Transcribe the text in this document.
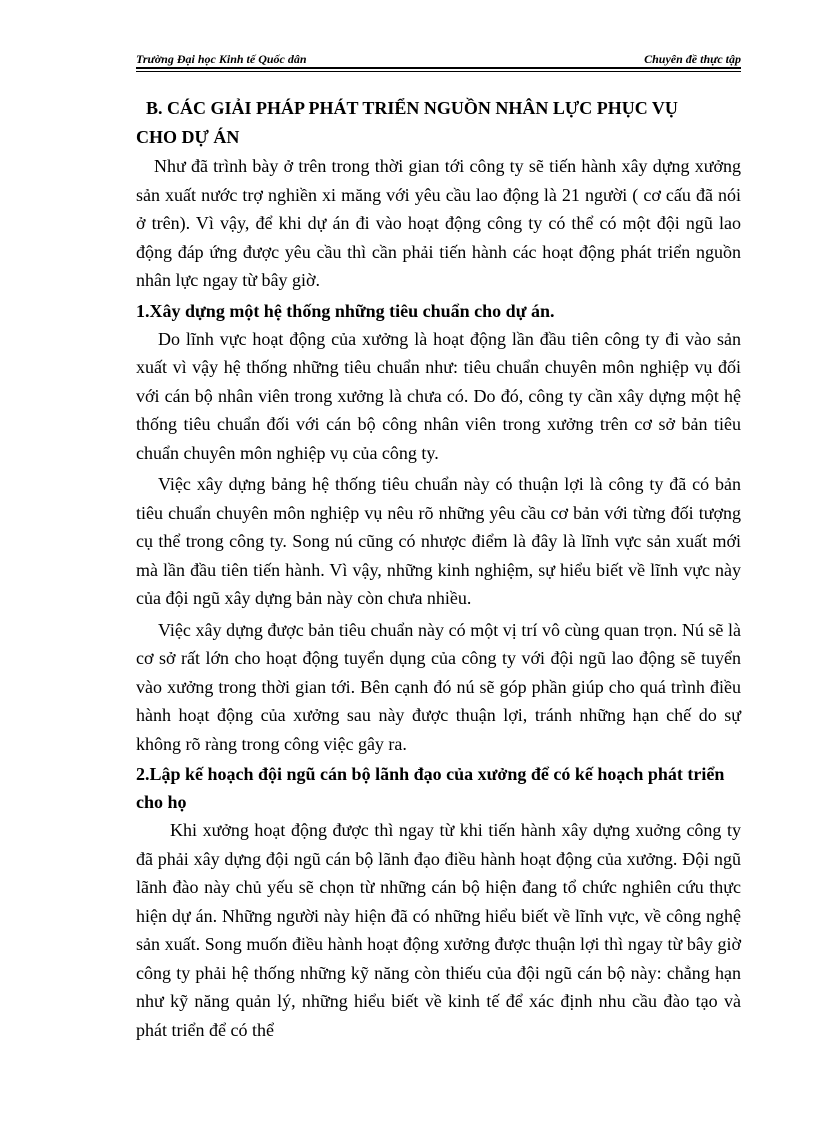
Trường Đại học Kinh tế Quốc dân	Chuyên đề thực tập
B. CÁC GIẢI PHÁP PHÁT TRIỂN NGUỒN NHÂN LỰC PHỤC VỤ
CHO DỰ ÁN

Như đã trình bày ở trên trong thời gian tới công ty sẽ tiến hành xây dựng xưởng sản xuất nước trợ nghiền xi măng với yêu cầu lao động là 21 người ( cơ cấu đã nói ở trên). Vì vậy, để khi dự án đi vào hoạt động công ty có thể có một đội ngũ lao động đáp ứng được yêu cầu thì cần phải tiến hành các hoạt động phát triển nguồn nhân lực ngay từ bây giờ.

1.Xây dựng một hệ thống những tiêu chuẩn cho dự án.

Do lĩnh vực hoạt động của xưởng là hoạt động lần đầu tiên công ty đi vào sản xuất vì vậy hệ thống những tiêu chuẩn như: tiêu chuẩn chuyên môn nghiệp vụ đối với cán bộ nhân viên trong xưởng là chưa có. Do đó, công ty cần xây dựng một hệ thống tiêu chuẩn đối với cán bộ công nhân viên trong xưởng trên cơ sở bản tiêu chuẩn chuyên môn nghiệp vụ của công ty.

Việc xây dựng bảng hệ thống tiêu chuẩn này có thuận lợi là công ty đã có bản tiêu chuẩn chuyên môn nghiệp vụ nêu rõ những yêu cầu cơ bản với từng đối tượng cụ thể trong công ty. Song nú cũng có nhược điểm là đây là lĩnh vực sản xuất mới mà lần đầu tiên tiến hành. Vì vậy, những kinh nghiệm, sự hiểu biết về lĩnh vực này của đội ngũ xây dựng bản này còn chưa nhiều.

Việc xây dựng được bản tiêu chuẩn này có một vị trí vô cùng quan trọn. Nú sẽ là cơ sở rất lớn cho hoạt động tuyển dụng của công ty với đội ngũ lao động sẽ tuyển vào xưởng trong thời gian tới. Bên cạnh đó nú sẽ góp phần giúp cho quá trình điều hành hoạt động của xưởng sau này được thuận lợi, tránh những hạn chế do sự không rõ ràng trong công việc gây ra.

2.Lập kế hoạch đội ngũ cán bộ lãnh đạo của xưởng để có kế hoạch phát triển cho họ

Khi xưởng hoạt động được thì ngay từ khi tiến hành xây dựng xuởng công ty đã phải xây dựng đội ngũ cán bộ lãnh đạo điều hành hoạt động của xưởng. Đội ngũ lãnh đào này chủ yếu sẽ chọn từ những cán bộ hiện đang tổ chức nghiên cứu thực hiện dự án. Những người này hiện đã có những hiểu biết về lĩnh vực, về công nghệ sản xuất. Song muốn điều hành hoạt động xưởng được thuận lợi thì ngay từ bây giờ công ty phải hệ thống những kỹ năng còn thiếu của đội ngũ cán bộ này: chẳng hạn như kỹ năng quản lý, những hiểu biết về kinh tế để xác định nhu cầu đào tạo và phát triển để có thể
